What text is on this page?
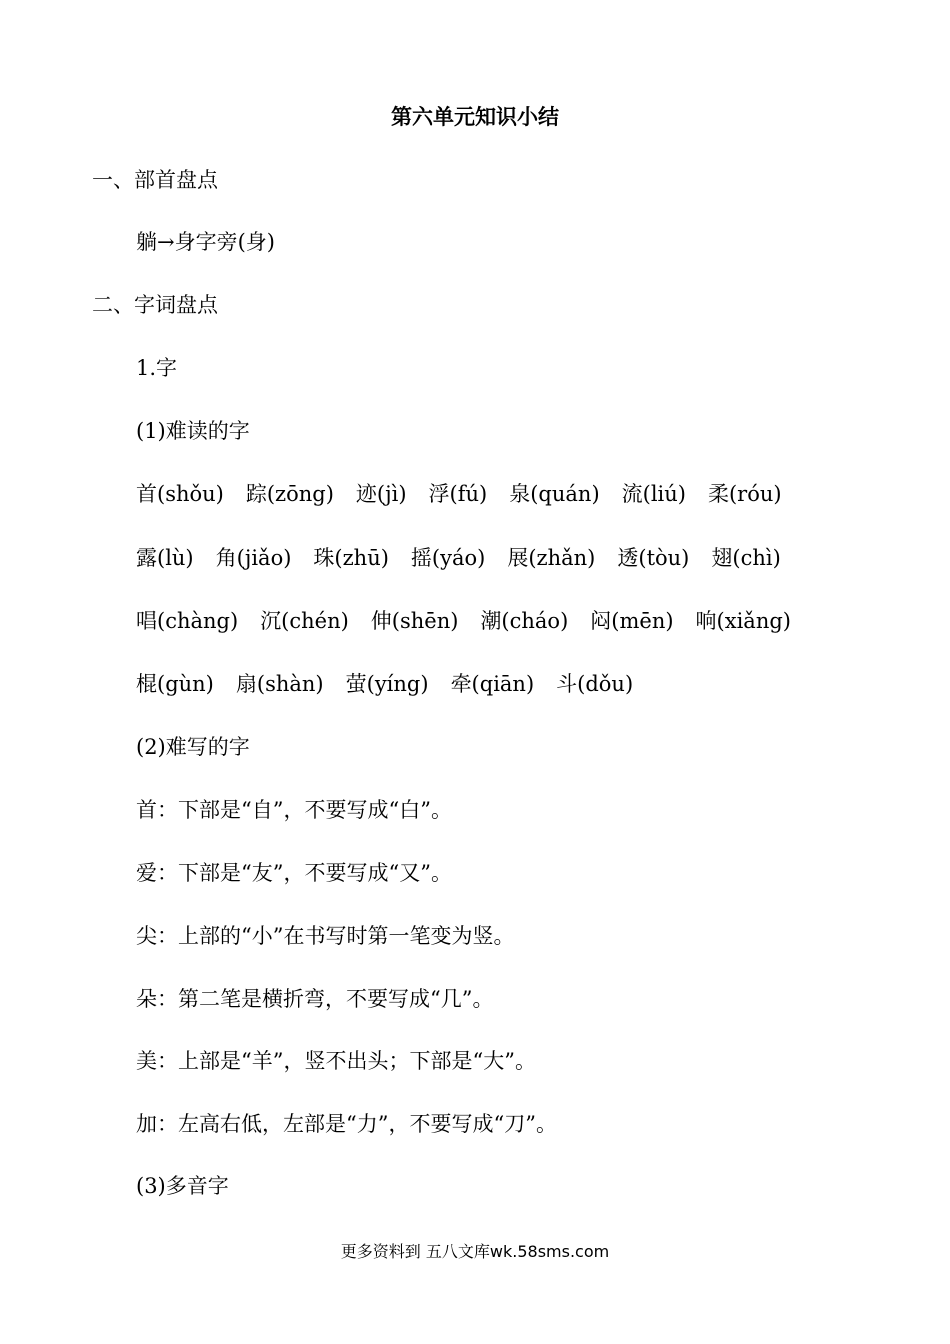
第六单元知识小结
一、部首盘点
躺→身字旁(身)
二、字词盘点
1.字
(1)难读的字
首(shǒu) 踪(zōng) 迹(jì) 浮(fú) 泉(quán) 流(liú) 柔(róu)
露(lù) 角(jiǎo) 珠(zhū) 摇(yáo) 展(zhǎn) 透(tòu) 翅(chì)
唱(chàng) 沉(chén) 伸(shēn) 潮(cháo) 闷(mēn) 响(xiǎng)
棍(gùn) 扇(shàn) 萤(yíng) 牵(qiān) 斗(dǒu)
(2)难写的字
首：下部是“自”，不要写成“白”。
爱：下部是“友”，不要写成“又”。
尖：上部的“小”在书写时第一笔变为竖。
朵：第二笔是横折弯，不要写成“几”。
美：上部是“羊”，竖不出头；下部是“大”。
加：左高右低，左部是“力”，不要写成“刀”。
(3)多音字
更多资料到 五八文库wk.58sms.com
